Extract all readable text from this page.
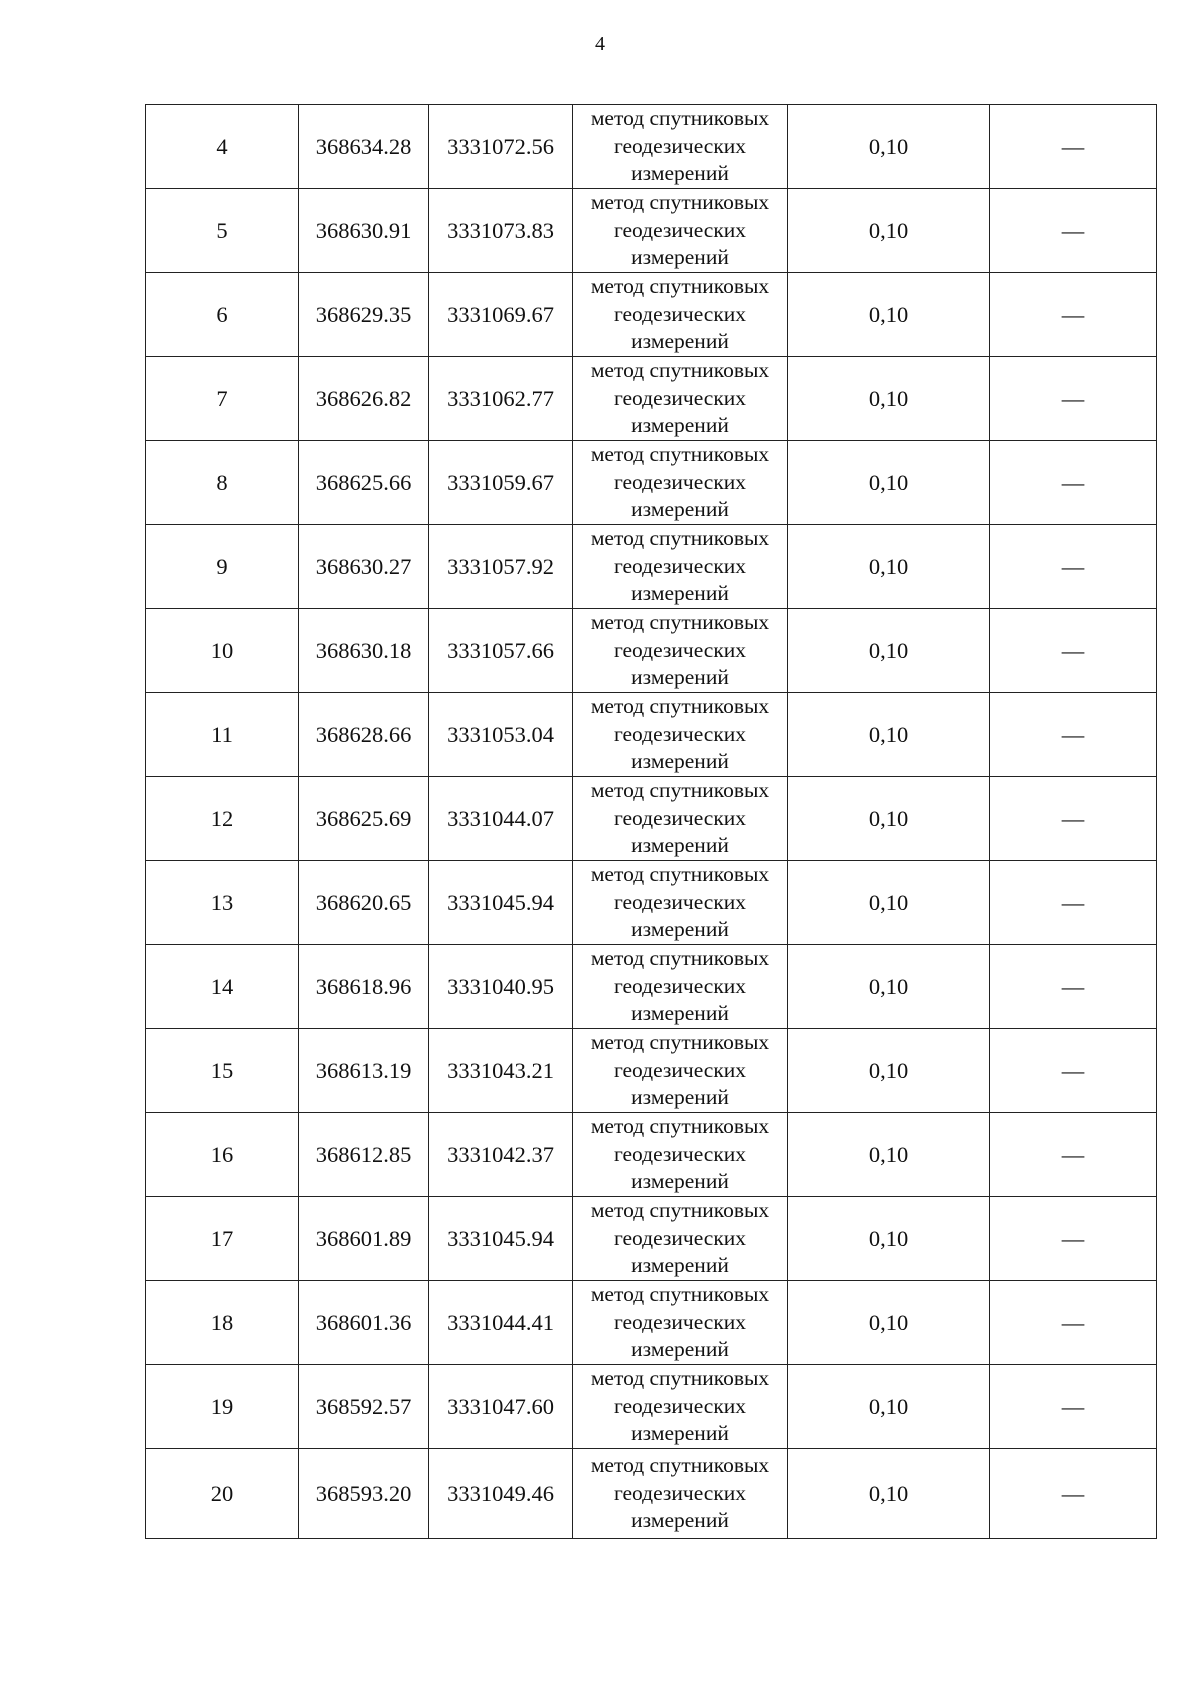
4
4	368634.28	3331072.56	метод спутниковых
геодезических
измерений	0,10	—
5	368630.91	3331073.83	метод спутниковых
геодезических
измерений	0,10	—
6	368629.35	3331069.67	метод спутниковых
геодезических
измерений	0,10	—
7	368626.82	3331062.77	метод спутниковых
геодезических
измерений	0,10	—
8	368625.66	3331059.67	метод спутниковых
геодезических
измерений	0,10	—
9	368630.27	3331057.92	метод спутниковых
геодезических
измерений	0,10	—
10	368630.18	3331057.66	метод спутниковых
геодезических
измерений	0,10	—
11	368628.66	3331053.04	метод спутниковых
геодезических
измерений	0,10	—
12	368625.69	3331044.07	метод спутниковых
геодезических
измерений	0,10	—
13	368620.65	3331045.94	метод спутниковых
геодезических
измерений	0,10	—
14	368618.96	3331040.95	метод спутниковых
геодезических
измерений	0,10	—
15	368613.19	3331043.21	метод спутниковых
геодезических
измерений	0,10	—
16	368612.85	3331042.37	метод спутниковых
геодезических
измерений	0,10	—
17	368601.89	3331045.94	метод спутниковых
геодезических
измерений	0,10	—
18	368601.36	3331044.41	метод спутниковых
геодезических
измерений	0,10	—
19	368592.57	3331047.60	метод спутниковых
геодезических
измерений	0,10	—
20	368593.20	3331049.46	метод спутниковых
геодезических
измерений	0,10	—
